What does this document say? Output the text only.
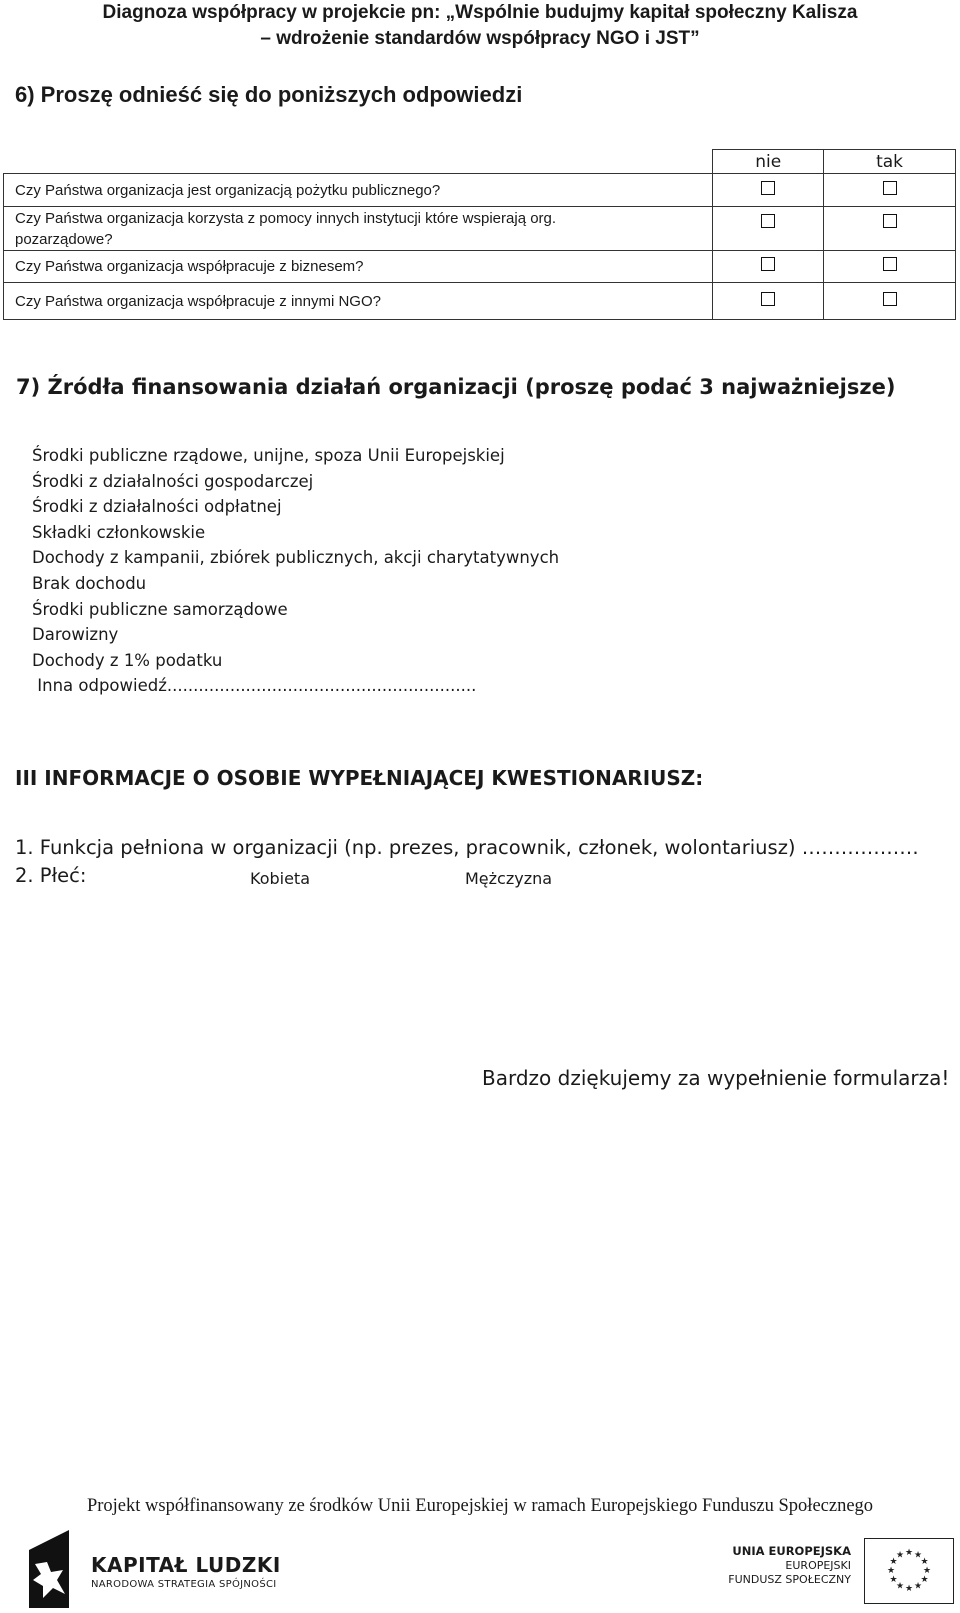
Diagnoza współpracy w projekcie pn: „Wspólnie budujmy kapitał społeczny Kalisza
– wdrożenie standardów współpracy NGO i JST”
6) Proszę odnieść się do poniższych odpowiedzi
	nie	tak
Czy Państwa organizacja jest organizacją pożytku publicznego?		
Czy Państwa organizacja korzysta z pomocy innych instytucji które wspierają org. pozarządowe?		
Czy Państwa organizacja współpracuje z biznesem?		
Czy Państwa organizacja współpracuje z innymi NGO?		
7) Źródła finansowania działań organizacji (proszę podać 3 najważniejsze)
Środki publiczne rządowe, unijne, spoza Unii Europejskiej
Środki z działalności gospodarczej
Środki z działalności odpłatnej
Składki członkowskie
Dochody z kampanii, zbiórek publicznych, akcji charytatywnych
Brak dochodu
Środki publiczne samorządowe
Darowizny
Dochody z 1% podatku
Inna odpowiedź...........................................................
III INFORMACJE O OSOBIE WYPEŁNIAJĄCEJ KWESTIONARIUSZ:
1. Funkcja pełniona w organizacji (np. prezes, pracownik, członek, wolontariusz) ………………
2. Płeć:	Kobieta	Mężczyzna
Bardzo dziękujemy za wypełnienie formularza!
Projekt współfinansowany ze środków Unii Europejskiej w ramach Europejskiego Funduszu Społecznego
KAPITAŁ LUDZKI
NARODOWA STRATEGIA SPÓJNOŚCI
UNIA EUROPEJSKA
EUROPEJSKI
FUNDUSZ SPOŁECZNY
★ ★
★
★
★
★
★
★
★
★
★
★
